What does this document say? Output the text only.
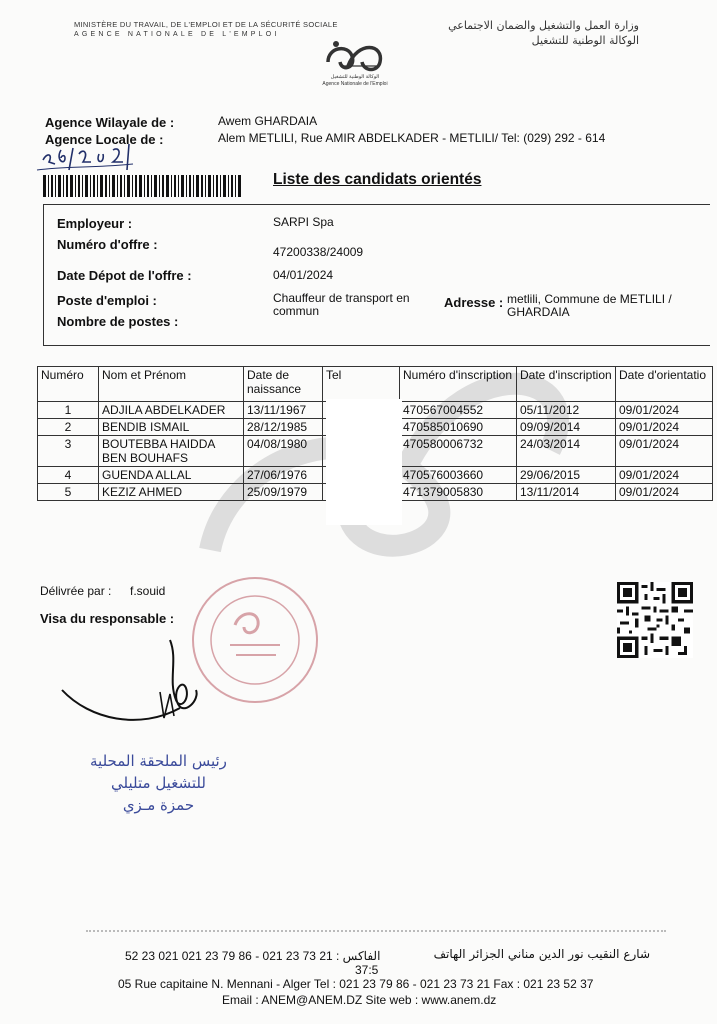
MINISTÈRE DU TRAVAIL, DE L'EMPLOI ET DE LA SÉCURITÉ SOCIALE
AGENCE NATIONALE DE L'EMPLOI
وزارة العمل والتشغيل والضمان الاجتماعي
الوكالة الوطنية للتشغيل
الوكالة الوطنية للتشغيل
Agence Nationale de l'Emploi
Agence Wilayale de :	Awem GHARDAIA
Agence Locale de :	Alem METLILI, Rue AMIR ABDELKADER - METLILI/ Tel: (029) 292 - 614
Liste des candidats orientés
Employeur :	SARPI Spa
Numéro d'offre :	47200338/24009
Date Dépot de l'offre :	04/01/2024
Poste d'emploi :	Chauffeur de transport en commun
Nombre de postes :
Adresse : metlili, Commune de METLILI / GHARDAIA
Numéro	Nom et Prénom	Date de naissance	Tel	Numéro d'inscription	Date d'inscription	Date d'orientatio
1	ADJILA ABDELKADER	13/11/1967		470567004552	05/11/2012	09/01/2024
2	BENDIB ISMAIL	28/12/1985		470585010690	09/09/2014	09/01/2024
3	BOUTEBBA HAIDDA BEN BOUHAFS	04/08/1980		470580006732	24/03/2014	09/01/2024
4	GUENDA ALLAL	27/06/1976		470576003660	29/06/2015	09/01/2024
5	KEZIZ AHMED	25/09/1979		471379005830	13/11/2014	09/01/2024
Délivrée par : f.souid
Visa du responsable :
رئيس الملحقة المحلية
للتشغيل متليلي
حمزة مـزي
52 23 021 الفاكس : 21 73 23 021 - 86 79 23 021	شارع النقيب نور الدين مناني الجزائر الهاتف
37:5
05 Rue capitaine N. Mennani - Alger Tel : 021 23 79 86 - 021 23 73 21 Fax : 021 23 52 37
Email : ANEM@ANEM.DZ Site web : www.anem.dz
